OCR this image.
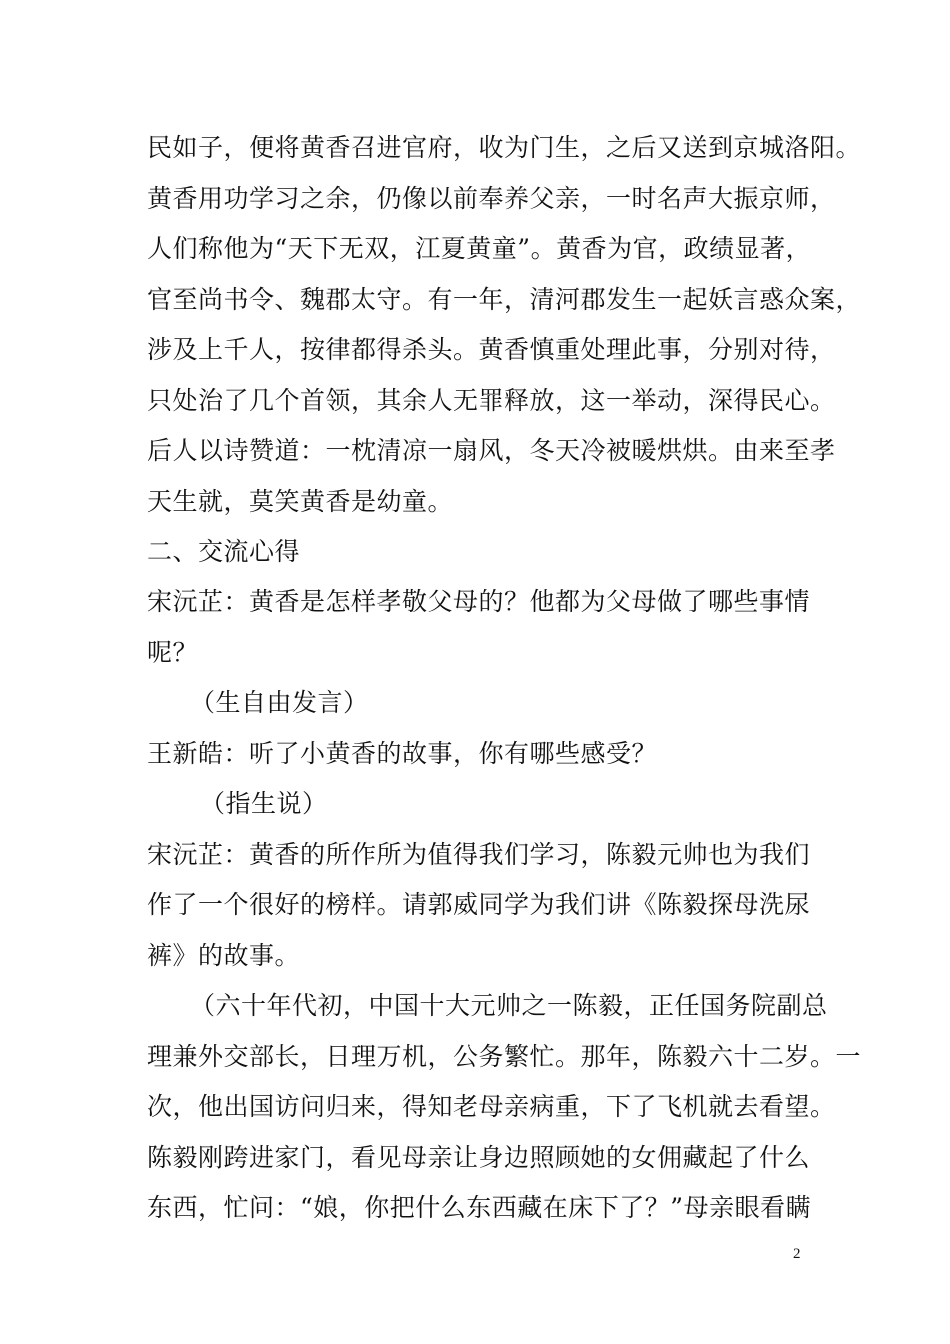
民如子，便将黄香召进官府，收为门生，之后又送到京城洛阳。
黄香用功学习之余，仍像以前奉养父亲，一时名声大振京师，
人们称他为“天下无双，江夏黄童”。黄香为官，政绩显著，
官至尚书令、魏郡太守。有一年，清河郡发生一起妖言惑众案，
涉及上千人，按律都得杀头。黄香慎重处理此事，分别对待，
只处治了几个首领，其余人无罪释放，这一举动，深得民心。
后人以诗赞道：一枕清凉一扇风，冬天冷被暖烘烘。由来至孝
天生就，莫笑黄香是幼童。
二、交流心得
宋沅芷：黄香是怎样孝敬父母的？他都为父母做了哪些事情
呢？
（生自由发言）
王新皓：听了小黄香的故事，你有哪些感受？
（指生说）
宋沅芷：黄香的所作所为值得我们学习，陈毅元帅也为我们
作了一个很好的榜样。请郭威同学为我们讲《陈毅探母洗尿
裤》的故事。
（六十年代初，中国十大元帅之一陈毅，正任国务院副总
理兼外交部长，日理万机，公务繁忙。那年，陈毅六十二岁。一
次，他出国访问归来，得知老母亲病重，下了飞机就去看望。
陈毅刚跨进家门，看见母亲让身边照顾她的女佣藏起了什么
东西，忙问：“娘，你把什么东西藏在床下了？”母亲眼看瞒
2
